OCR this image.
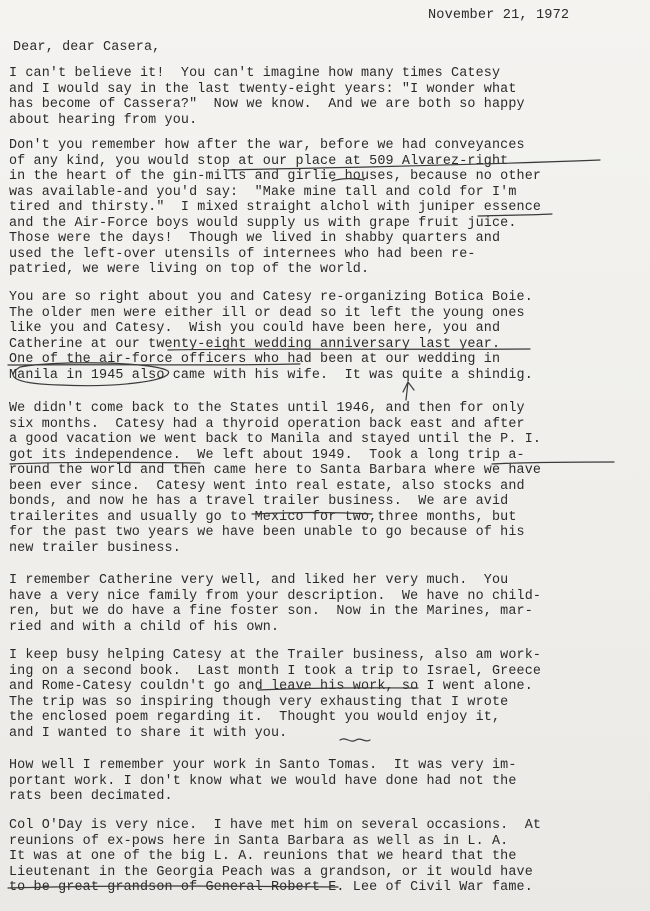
November 21, 1972
Dear, dear Casera,
I can't believe it!  You can't imagine how many times Catesy
and I would say in the last twenty-eight years: "I wonder what
has become of Cassera?"  Now we know.  And we are both so happy
about hearing from you.
Don't you remember how after the war, before we had conveyances
of any kind, you would stop at our place at 509 Alvarez-right
in the heart of the gin-mills and girlie houses, because no other
was available-and you'd say:  "Make mine tall and cold for I'm
tired and thirsty."  I mixed straight alchol with juniper essence
and the Air-Force boys would supply us with grape fruit juice.
Those were the days!  Though we lived in shabby quarters and
used the left-over utensils of internees who had been re-
patried, we were living on top of the world.
You are so right about you and Catesy re-organizing Botica Boie.
The older men were either ill or dead so it left the young ones
like you and Catesy.  Wish you could have been here, you and
Catherine at our twenty-eight wedding anniversary last year.
One of the air-force officers who had been at our wedding in
Manila in 1945 also came with his wife.  It was quite a shindig.
We didn't come back to the States until 1946, and then for only
six months.  Catesy had a thyroid operation back east and after
a good vacation we went back to Manila and stayed until the P. I.
got its independence.  We left about 1949.  Took a long trip a-
round the world and then came here to Santa Barbara where we have
been ever since.  Catesy went into real estate, also stocks and
bonds, and now he has a travel trailer business.  We are avid
trailerites and usually go to Mexico for two,three months, but
for the past two years we have been unable to go because of his
new trailer business.
I remember Catherine very well, and liked her very much.  You
have a very nice family from your description.  We have no child-
ren, but we do have a fine foster son.  Now in the Marines, mar-
ried and with a child of his own.
I keep busy helping Catesy at the Trailer business, also am work-
ing on a second book.  Last month I took a trip to Israel, Greece
and Rome-Catesy couldn't go and leave his work, so I went alone.
The trip was so inspiring though very exhausting that I wrote
the enclosed poem regarding it.  Thought you would enjoy it,
and I wanted to share it with you.
How well I remember your work in Santo Tomas.  It was very im-
portant work. I don't know what we would have done had not the
rats been decimated.
Col O'Day is very nice.  I have met him on several occasions.  At
reunions of ex-pows here in Santa Barbara as well as in L. A.
It was at one of the big L. A. reunions that we heard that the
Lieutenant in the Georgia Peach was a grandson, or it would have
to be great grandson of General Robert E. Lee of Civil War fame.
